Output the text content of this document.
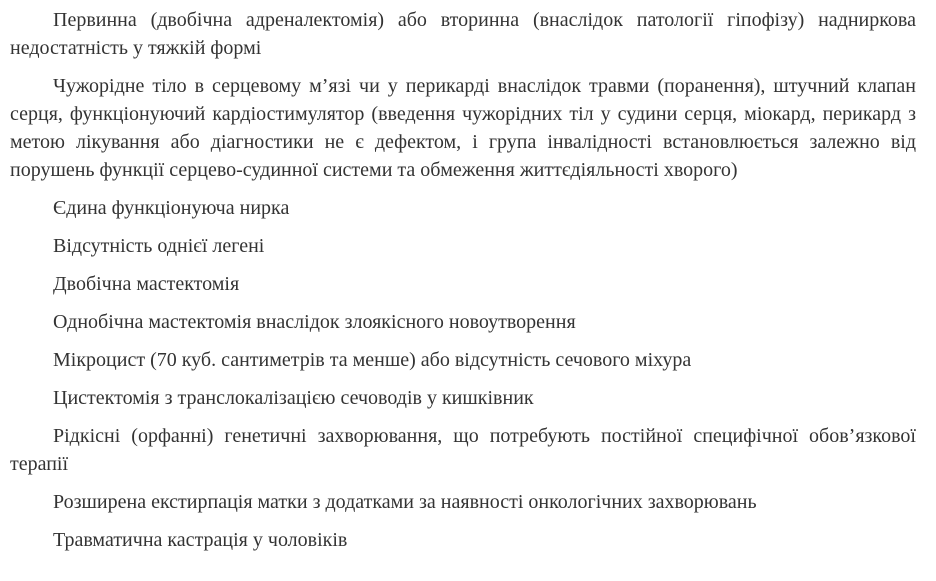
Первинна (двобічна адреналектомія) або вторинна (внаслідок патології гіпофізу) надниркова недостатність у тяжкій формі

Чужорідне тіло в серцевому м’язі чи у перикарді внаслідок травми (поранення), штучний клапан серця, функціонуючий кардіостимулятор (введення чужорідних тіл у судини серця, міокард, перикард з метою лікування або діагностики не є дефектом, і група інвалідності встановлюється залежно від порушень функції серцево-судинної системи та обмеження життєдіяльності хворого)

Єдина функціонуюча нирка

Відсутність однієї легені

Двобічна мастектомія

Однобічна мастектомія внаслідок злоякісного новоутворення

Мікроцист (70 куб. сантиметрів та менше) або відсутність сечового міхура

Цистектомія з транслокалізацією сечоводів у кишківник

Рідкісні (орфанні) генетичні захворювання, що потребують постійної специфічної обов’язкової терапії

Розширена екстирпація матки з додатками за наявності онкологічних захворювань

Травматична кастрація у чоловіків
